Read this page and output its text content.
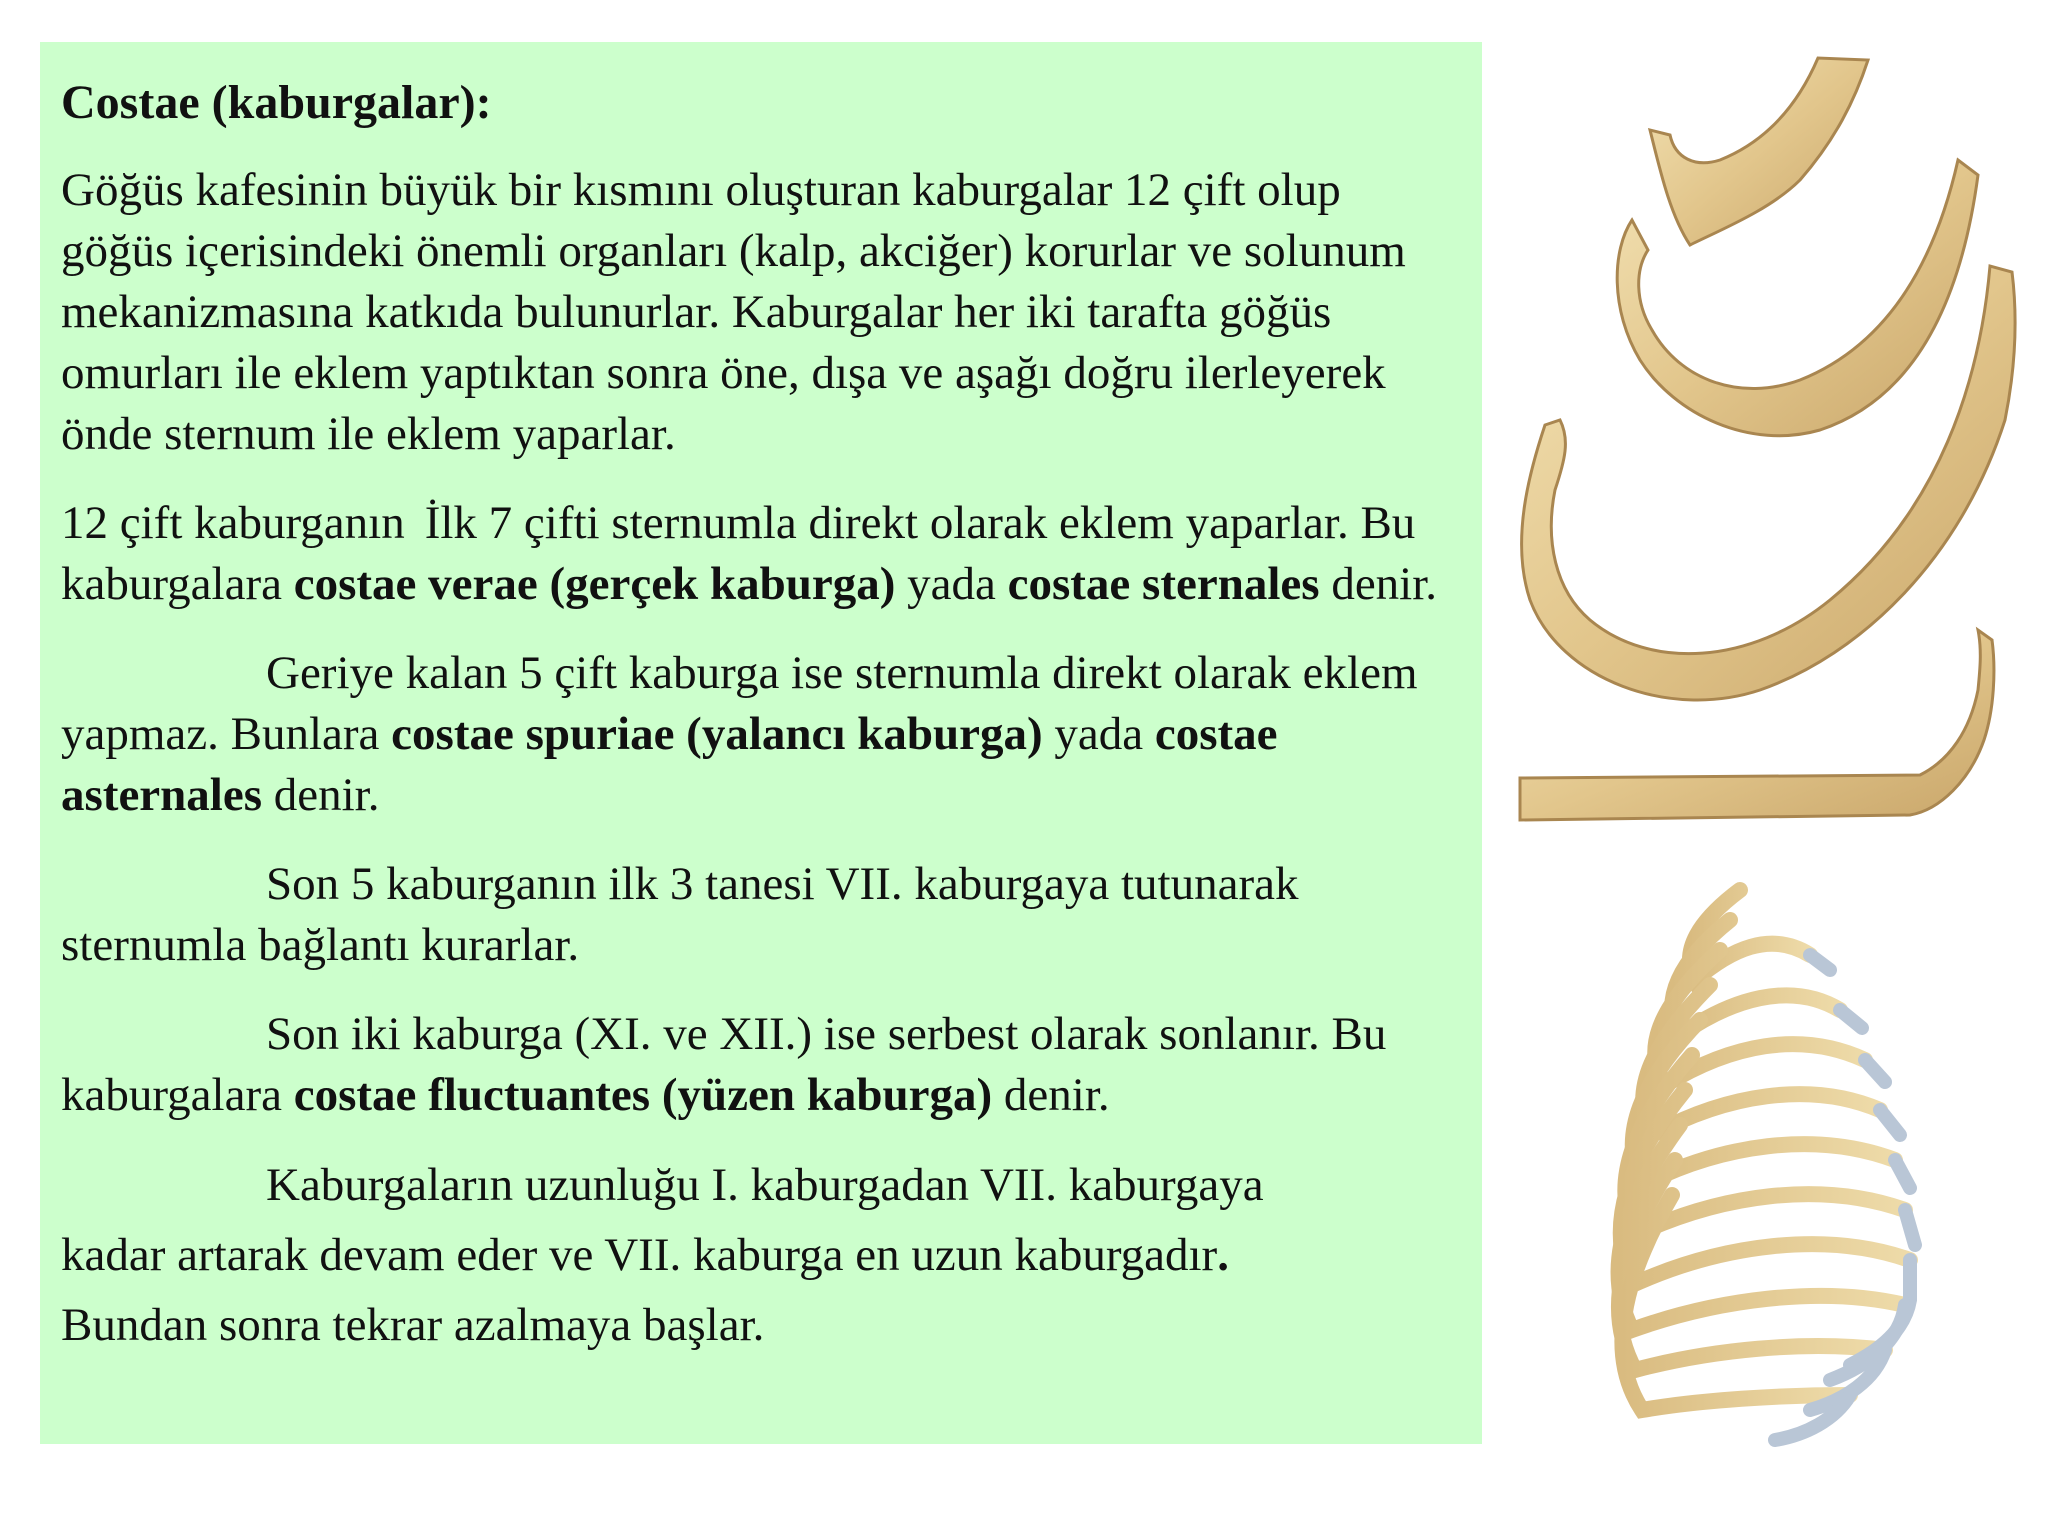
Costae (kaburgalar):

Göğüs kafesinin büyük bir kısmını oluşturan kaburgalar 12 çift olup göğüs içerisindeki önemli organları (kalp, akciğer) korurlar ve solunum mekanizmasına katkıda bulunurlar. Kaburgalar her iki tarafta göğüs omurları ile eklem yaptıktan sonra öne, dışa ve aşağı doğru ilerleyerek önde sternum ile eklem yaparlar.

12 çift kaburganın İlk 7 çifti sternumla direkt olarak eklem yaparlar. Bu kaburgalara costae verae (gerçek kaburga) yada costae sternales denir.

Geriye kalan 5 çift kaburga ise sternumla direkt olarak eklem yapmaz. Bunlara costae spuriae (yalancı kaburga) yada costae asternales denir.

Son 5 kaburganın ilk 3 tanesi VII. kaburgaya tutunarak sternumla bağlantı kurarlar.

Son iki kaburga (XI. ve XII.) ise serbest olarak sonlanır. Bu kaburgalara costae fluctuantes (yüzen kaburga) denir.

Kaburgaların uzunluğu I. kaburgadan VII. kaburgaya
kadar artarak devam eder ve VII. kaburga en uzun kaburgadır.
Bundan sonra tekrar azalmaya başlar.
